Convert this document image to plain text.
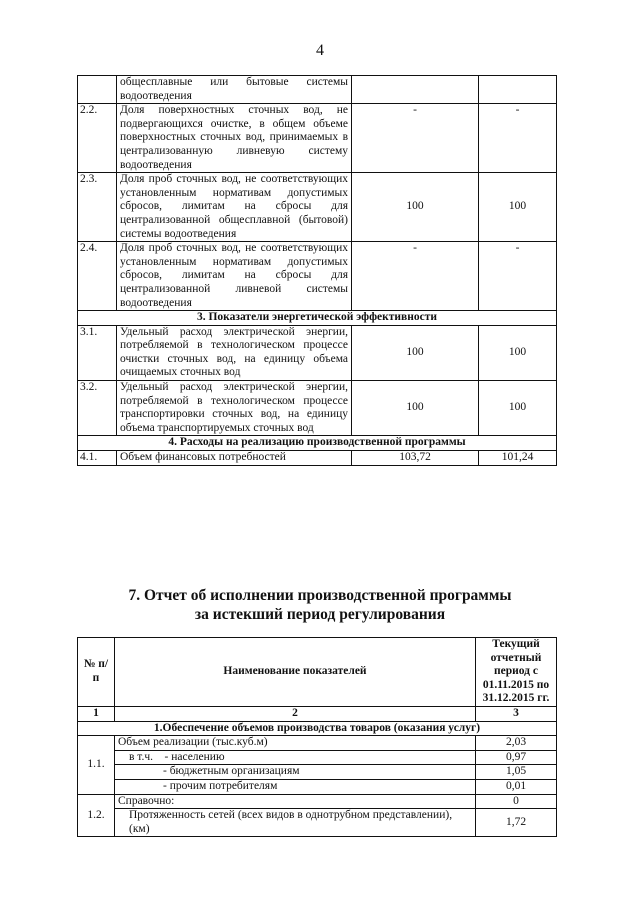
4
	общесплавные или бытовые системы водоотведения		
2.2.	Доля поверхностных сточных вод, не подвергающихся очистке, в общем объеме поверхностных сточных вод, принимаемых в централизованную ливневую систему водоотведения	-	-
2.3.	Доля проб сточных вод, не соответствующих установленным нормативам допустимых сбросов, лимитам на сбросы для централизованной общесплавной (бытовой) системы водоотведения	100	100
2.4.	Доля проб сточных вод, не соответствующих установленным нормативам допустимых сбросов, лимитам на сбросы для централизованной ливневой системы водоотведения	-	-
3. Показатели энергетической эффективности			
3.1.	Удельный расход электрической энергии, потребляемой в технологическом процессе очистки сточных вод, на единицу объема очищаемых сточных вод	100	100
3.2.	Удельный расход электрической энергии, потребляемой в технологическом процессе транспортировки сточных вод, на единицу объема транспортируемых сточных вод	100	100
4. Расходы на реализацию производственной программы			
4.1.	Объем финансовых потребностей	103,72	101,24
7. Отчет об исполнении производственной программы
за истекший период регулирования
№ п/п	Наименование показателей	Текущий отчетный период с 01.11.2015 по 31.12.2015 гг.
1	2	3
1.Обеспечение объемов производства товаров (оказания услуг)		
1.1.	Объем реализации (тыс.куб.м)	2,03
	в т.ч.    - населению	0,97
	- бюджетным организациям	1,05
	- прочим потребителям	0,01
1.2.	Справочно:	0
	Протяженность сетей (всех видов в однотрубном представлении), (км)	1,72
